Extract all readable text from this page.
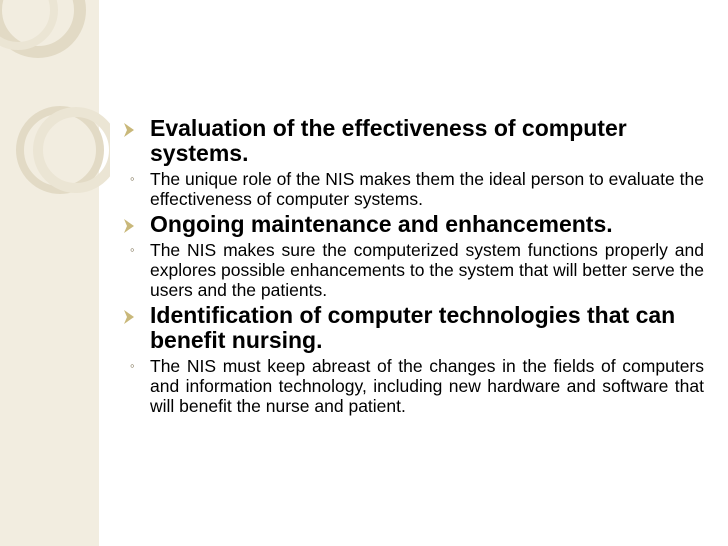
Evaluation of the effectiveness of computer systems.
◦ The unique role of the NIS makes them the ideal person to evaluate the effectiveness of computer systems.
Ongoing maintenance and enhancements.
◦ The NIS makes sure the computerized system functions properly and explores possible enhancements to the system that will better serve the users and the patients.
Identification of computer technologies that can benefit nursing.
◦ The NIS must keep abreast of the changes in the fields of computers and information technology, including new hardware and software that will benefit the nurse and patient.
